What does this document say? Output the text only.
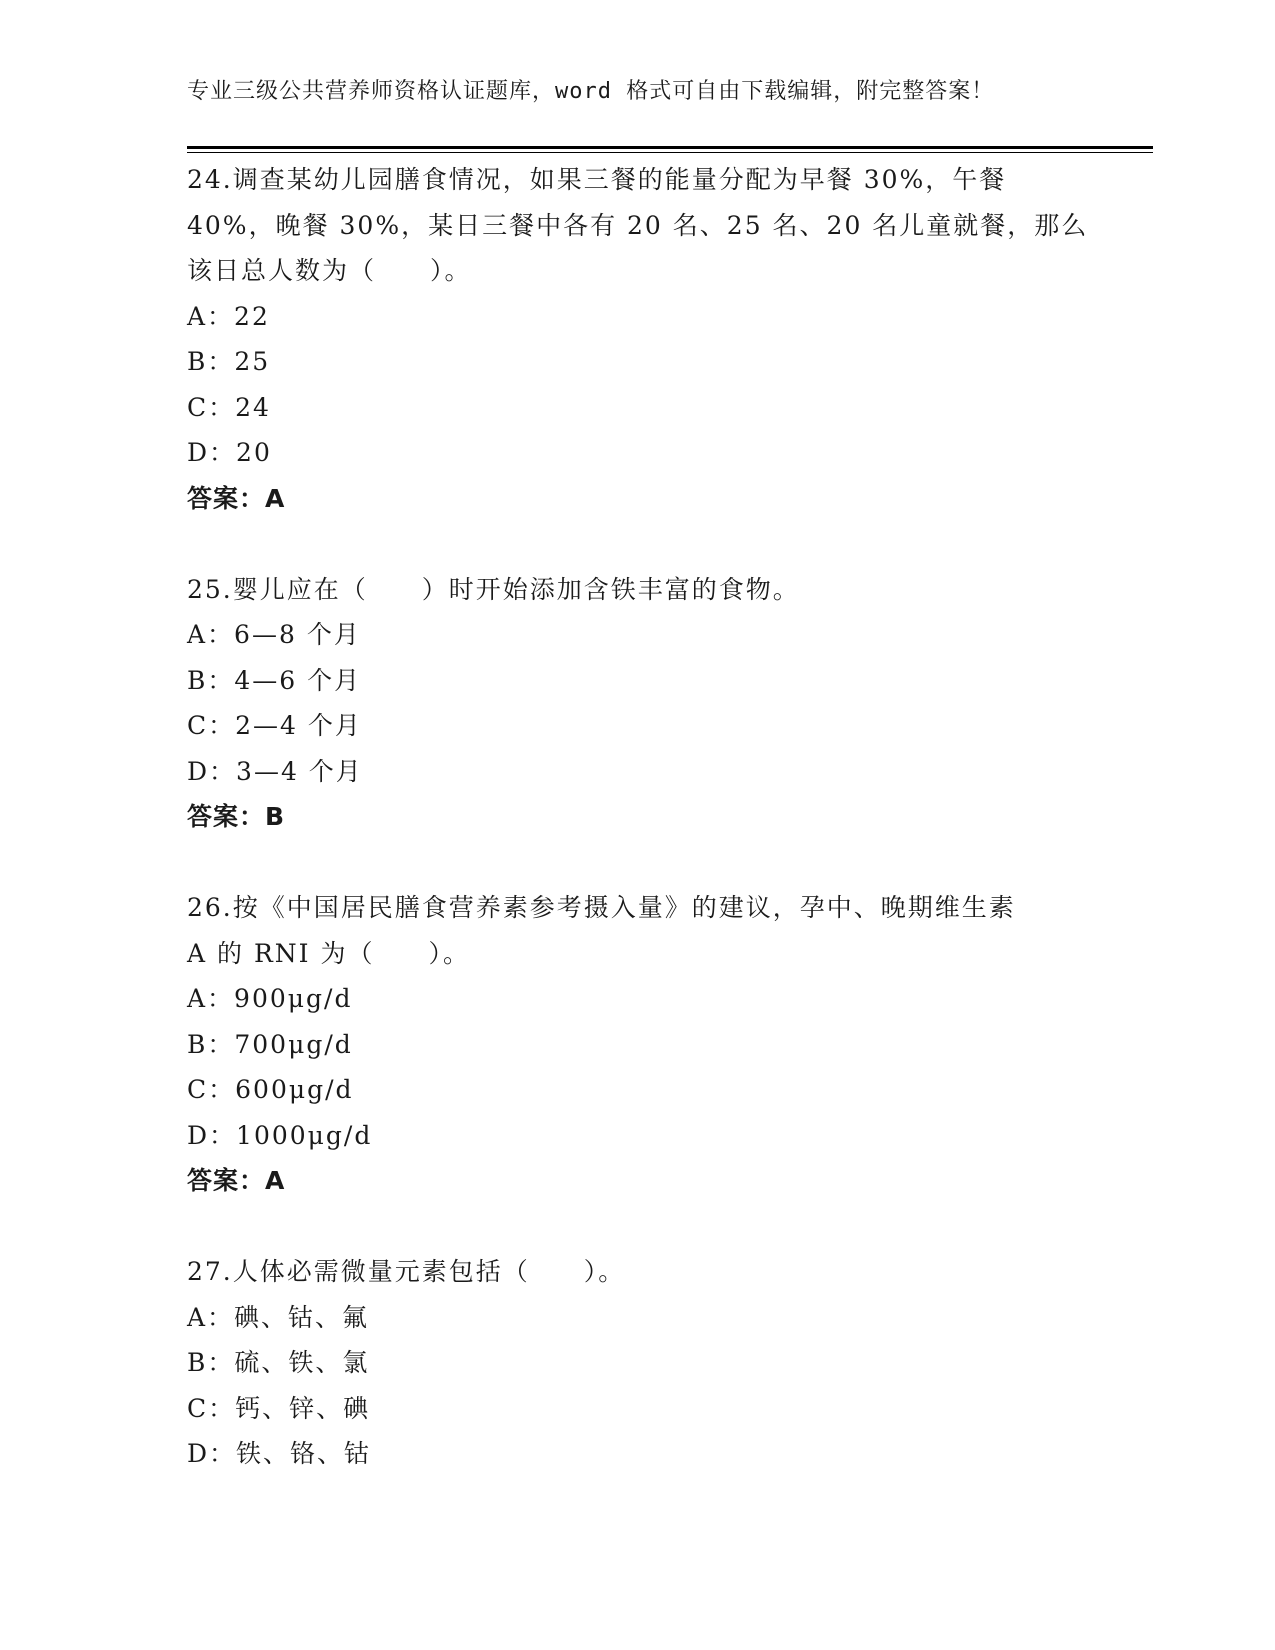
专业三级公共营养师资格认证题库，word 格式可自由下载编辑，附完整答案！
24.调查某幼儿园膳食情况，如果三餐的能量分配为早餐 30%，午餐
40%，晚餐 30%，某日三餐中各有 20 名、25 名、20 名儿童就餐，那么
该日总人数为（　　）。
A：22
B：25
C：24
D：20
答案：A
25.婴儿应在（　　）时开始添加含铁丰富的食物。
A：6—8 个月
B：4—6 个月
C：2—4 个月
D：3—4 个月
答案：B
26.按《中国居民膳食营养素参考摄入量》的建议，孕中、晚期维生素
A 的 RNI 为（　　）。
A：900μg/d
B：700μg/d
C：600μg/d
D：1000μg/d
答案：A
27.人体必需微量元素包括（　　）。
A：碘、钴、氟
B：硫、铁、氯
C：钙、锌、碘
D：铁、铬、钴
